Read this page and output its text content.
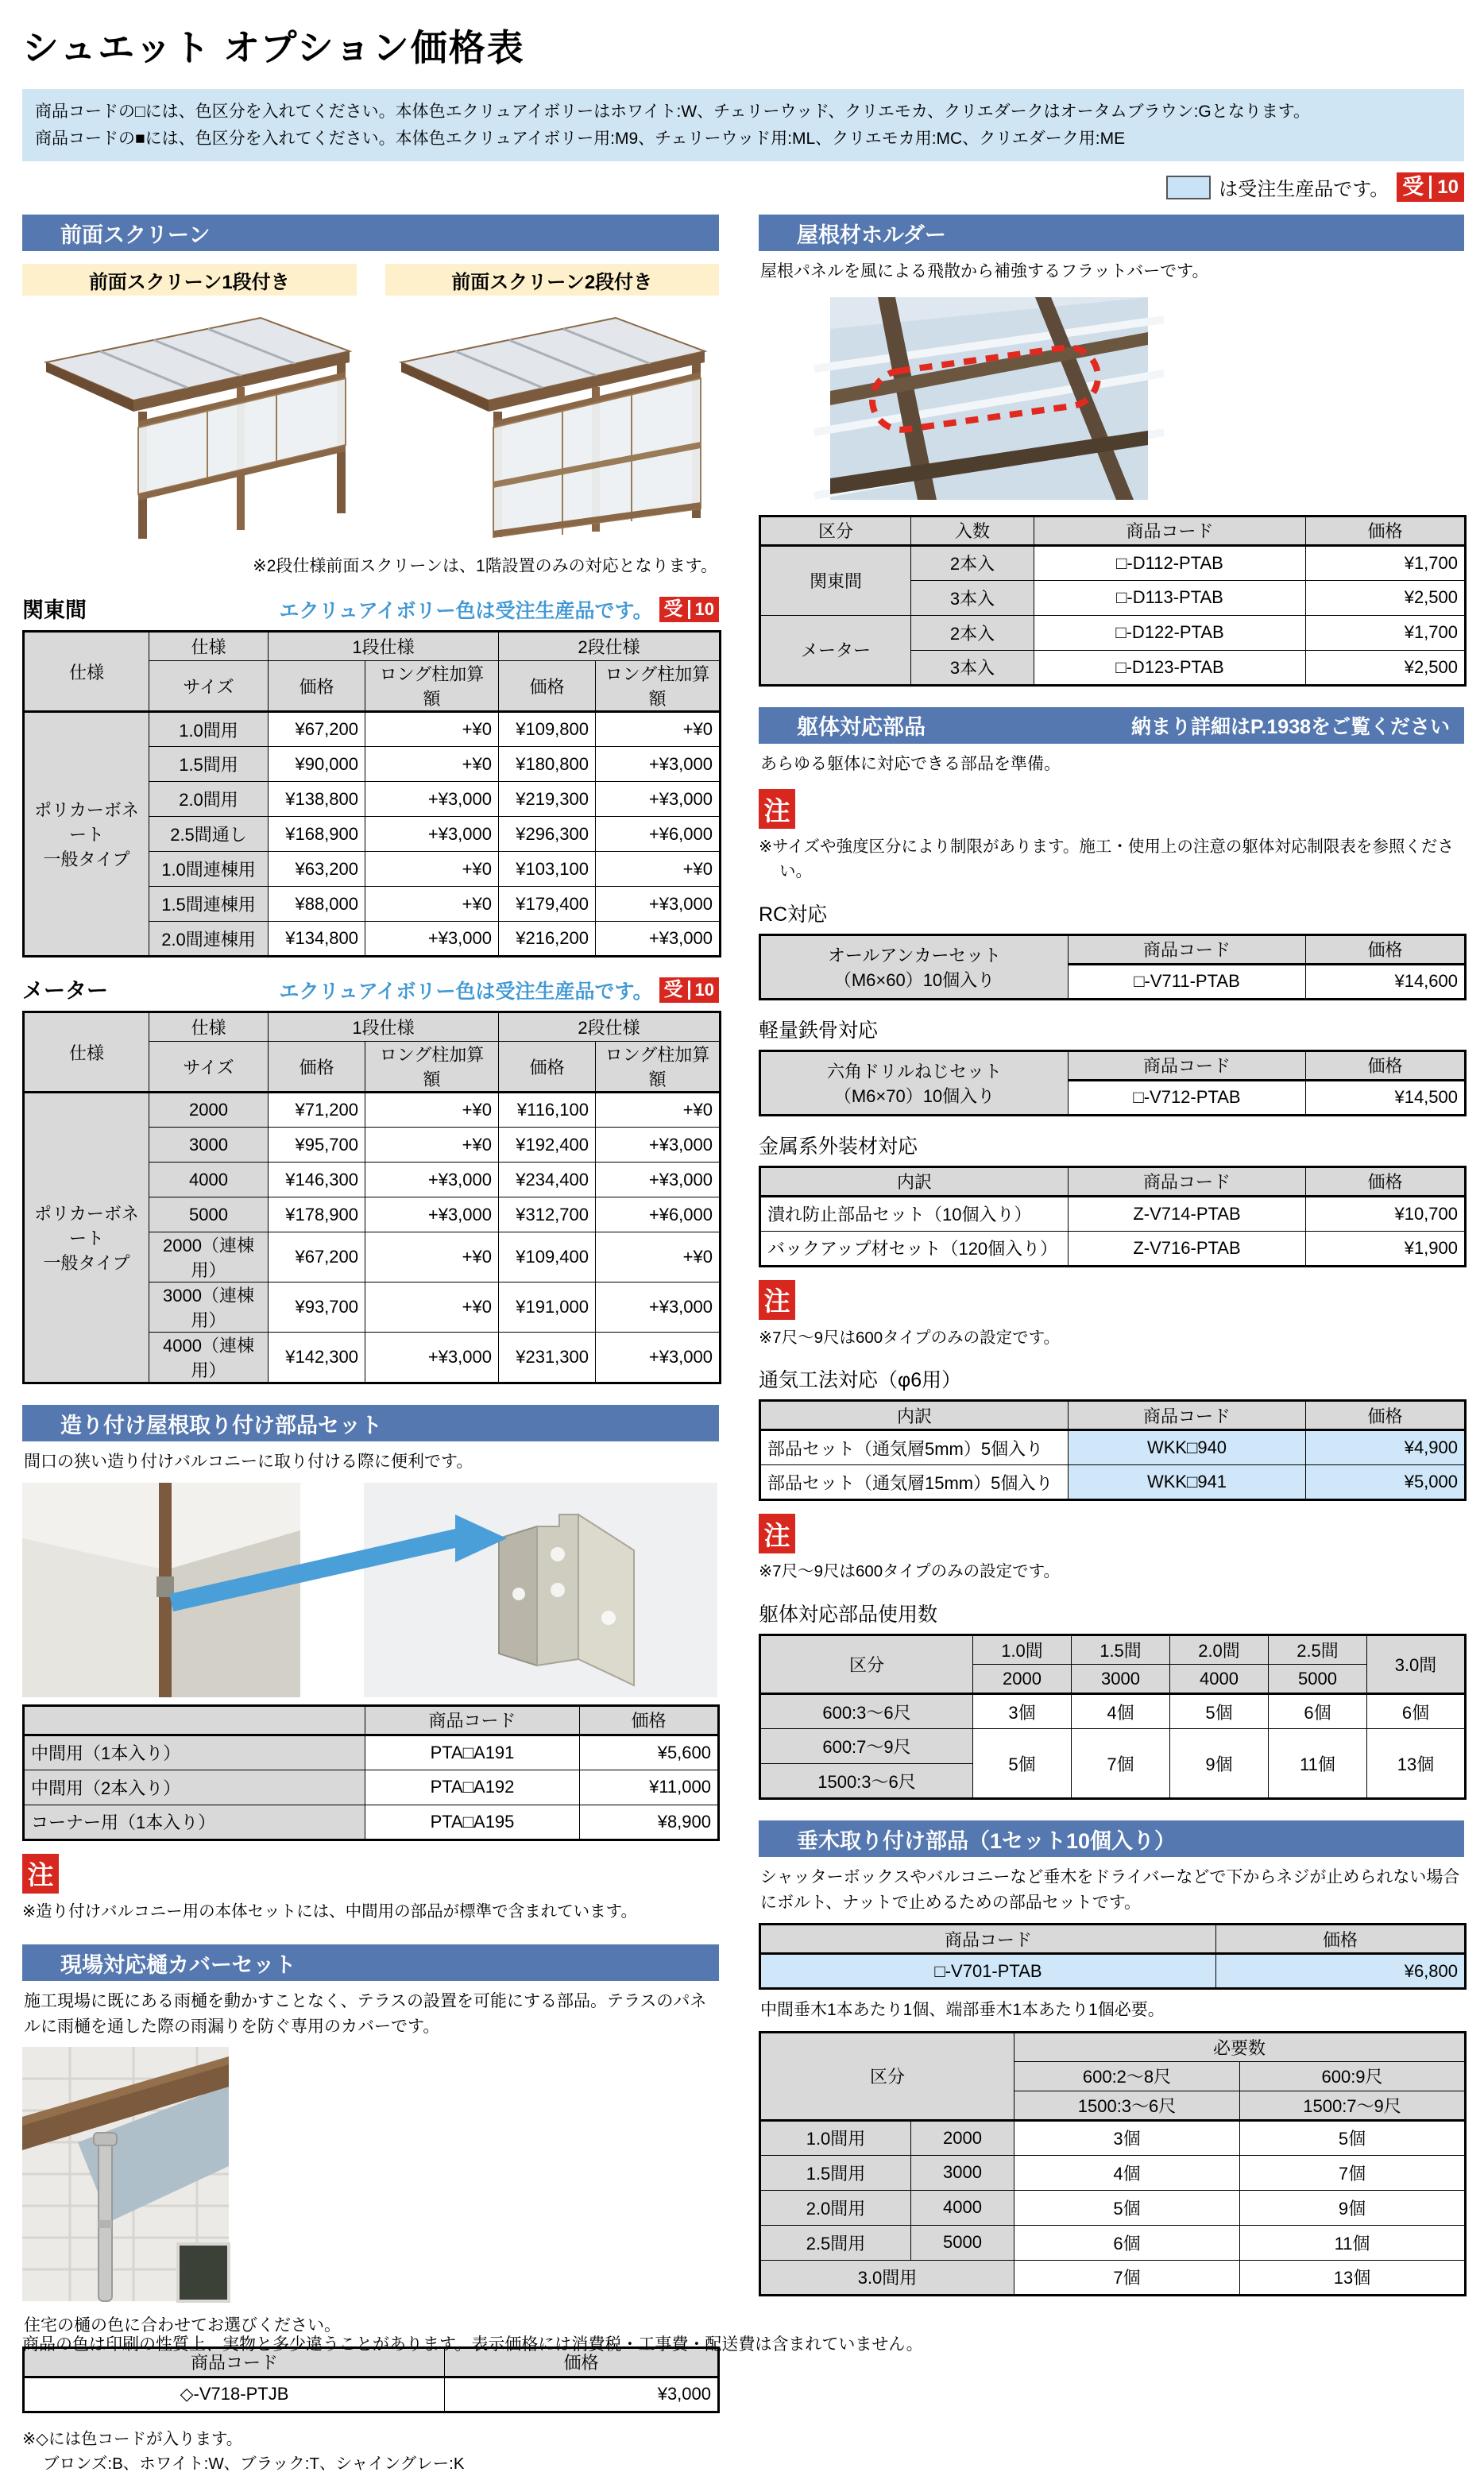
シュエット オプション価格表
商品コードの□には、色区分を入れてください。本体色エクリュアイボリーはホワイト:W、チェリーウッド、クリエモカ、クリエダークはオータムブラウン:Gとなります。
商品コードの■には、色区分を入れてください。本体色エクリュアイボリー用:M9、チェリーウッド用:ML、クリエモカ用:MC、クリエダーク用:ME
は受注生産品です。 受 10
前面スクリーン
前面スクリーン1段付き	前面スクリーン2段付き
※2段仕様前面スクリーンは、1階設置のみの対応となります。
関東間	エクリュアイボリー色は受注生産品です。 受 10
仕様	仕様	1段仕様		2段仕様	
	サイズ	価格	ロング柱加算額	価格	ロング柱加算額

ポリカーボネート
一般タイプ	1.0間用	¥67,200	+¥0	¥109,800	+¥0
	1.5間用	¥90,000	+¥0	¥180,800	+¥3,000
	2.0間用	¥138,800	+¥3,000	¥219,300	+¥3,000
	2.5間通し	¥168,900	+¥3,000	¥296,300	+¥6,000
	1.0間連棟用	¥63,200	+¥0	¥103,100	+¥0
	1.5間連棟用	¥88,000	+¥0	¥179,400	+¥3,000
	2.0間連棟用	¥134,800	+¥3,000	¥216,200	+¥3,000
メーター	エクリュアイボリー色は受注生産品です。 受 10
仕様	仕様	1段仕様		2段仕様	
	サイズ	価格	ロング柱加算額	価格	ロング柱加算額

ポリカーボネート
一般タイプ	2000	¥71,200	+¥0	¥116,100	+¥0
	3000	¥95,700	+¥0	¥192,400	+¥3,000
	4000	¥146,300	+¥3,000	¥234,400	+¥3,000
	5000	¥178,900	+¥3,000	¥312,700	+¥6,000
	2000（連棟用）	¥67,200	+¥0	¥109,400	+¥0
	3000（連棟用）	¥93,700	+¥0	¥191,000	+¥3,000
	4000（連棟用）	¥142,300	+¥3,000	¥231,300	+¥3,000
造り付け屋根取り付け部品セット
間口の狭い造り付けバルコニーに取り付ける際に便利です。
	商品コード	価格
中間用（1本入り）	PTA□A191	¥5,600
中間用（2本入り）	PTA□A192	¥11,000
コーナー用（1本入り）	PTA□A195	¥8,900
注
※造り付けバルコニー用の本体セットには、中間用の部品が標準で含まれています。
現場対応樋カバーセット
施工現場に既にある雨樋を動かすことなく、テラスの設置を可能にする部品。テラスのパネルに雨樋を通した際の雨漏りを防ぐ専用のカバーです。
住宅の樋の色に合わせてお選びください。
商品コード	価格
◇-V718-PTJB	¥3,000
※◇には色コードが入ります。
ブロンズ:B、ホワイト:W、ブラック:T、シャイングレー:K
屋根材ホルダー
屋根パネルを風による飛散から補強するフラットバーです。
区分	入数	商品コード	価格
関東間	2本入	□-D112-PTAB	¥1,700
	3本入	□-D113-PTAB	¥2,500
メーター	2本入	□-D122-PTAB	¥1,700
	3本入	□-D123-PTAB	¥2,500
躯体対応部品	納まり詳細はP.1938をご覧ください
あらゆる躯体に対応できる部品を準備。
注
※サイズや強度区分により制限があります。施工・使用上の注意の躯体対応制限表を参照ください。
RC対応
オールアンカーセット
（M6×60）10個入り	商品コード	価格
	□-V711-PTAB	¥14,600
軽量鉄骨対応
六角ドリルねじセット
（M6×70）10個入り	商品コード	価格
	□-V712-PTAB	¥14,500
金属系外装材対応
内訳	商品コード	価格
潰れ防止部品セット（10個入り）	Z-V714-PTAB	¥10,700
バックアップ材セット（120個入り）	Z-V716-PTAB	¥1,900
注
※7尺～9尺は600タイプのみの設定です。
通気工法対応（φ6用）
内訳	商品コード	価格
部品セット（通気層5mm）5個入り	WKK□940	¥4,900
部品セット（通気層15mm）5個入り	WKK□941	¥5,000
注
※7尺～9尺は600タイプのみの設定です。
躯体対応部品使用数
区分	1.0間	1.5間	2.0間	2.5間	3.0間
	2000	3000	4000	5000	
600:3～6尺	3個	4個	5個	6個	6個
600:7～9尺	5個	7個	9個	11個	13個
1500:3～6尺					
垂木取り付け部品（1セット10個入り）
シャッターボックスやバルコニーなど垂木をドライバーなどで下からネジが止められない場合にボルト、ナットで止めるための部品セットです。
商品コード	価格
□-V701-PTAB	¥6,800
中間垂木1本あたり1個、端部垂木1本あたり1個必要。
区分		必要数	
		600:2～8尺	600:9尺
		1500:3～6尺	1500:7～9尺
1.0間用	2000	3個	5個
1.5間用	3000	4個	7個
2.0間用	4000	5個	9個
2.5間用	5000	6個	11個
3.0間用		7個	13個
商品の色は印刷の性質上、実物と多少違うことがあります。表示価格には消費税・工事費・配送費は含まれていません。
